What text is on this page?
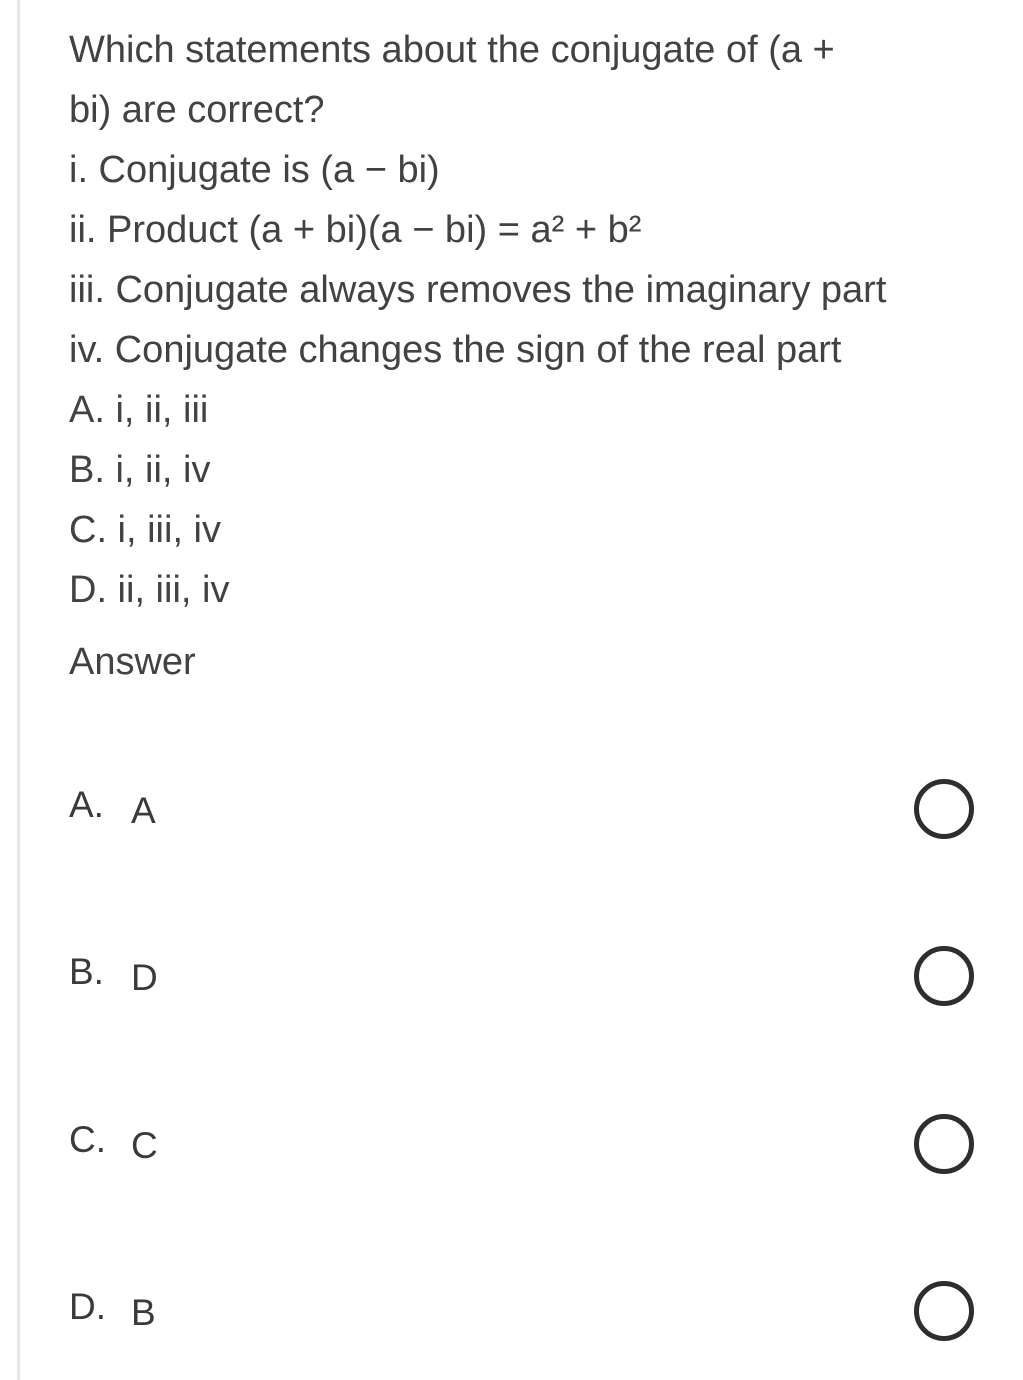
Which statements about the conjugate of (a +
bi) are correct?
i. Conjugate is (a − bi)
ii. Product (a + bi)(a − bi) = a² + b²
iii. Conjugate always removes the imaginary part
iv. Conjugate changes the sign of the real part
A. i, ii, iii
B. i, ii, iv
C. i, iii, iv
D. ii, iii, iv
Answer
A. A
B. D
C. C
D. B
